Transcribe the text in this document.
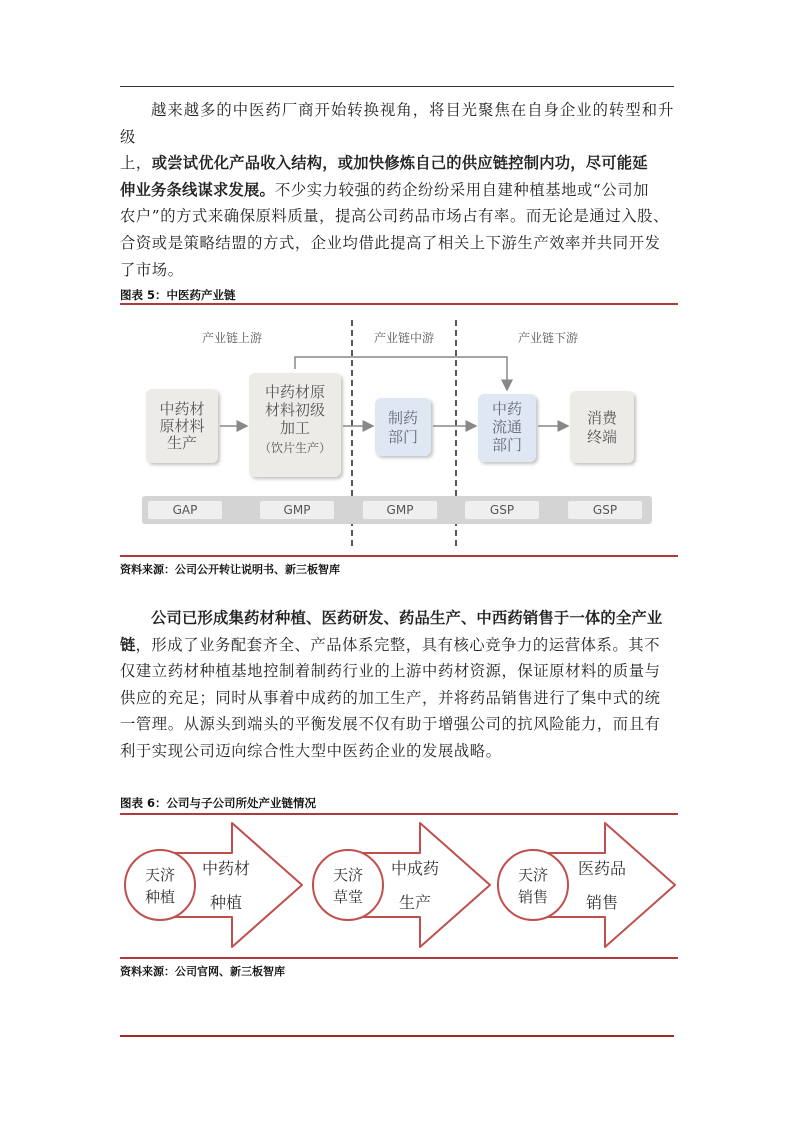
越来越多的中医药厂商开始转换视角，将目光聚焦在自身企业的转型和升级
上，或尝试优化产品收入结构，或加快修炼自己的供应链控制内功，尽可能延
伸业务条线谋求发展。不少实力较强的药企纷纷采用自建种植基地或“公司加
农户”的方式来确保原料质量，提高公司药品市场占有率。而无论是通过入股、
合资或是策略结盟的方式，企业均借此提高了相关上下游生产效率并共同开发
了市场。
图表 5：中医药产业链
产业链上游	产业链中游	产业链下游
中药材
原材料
生产
中药材原
材料初级
加工
（饮片生产）
制药
部门
中药
流通
部门
消费
终端
GAP	GMP	GMP	GSP	GSP
资料来源：公司公开转让说明书、新三板智库
公司已形成集药材种植、医药研发、药品生产、中西药销售于一体的全产业
链，形成了业务配套齐全、产品体系完整，具有核心竞争力的运营体系。其不
仅建立药材种植基地控制着制药行业的上游中药材资源，保证原材料的质量与
供应的充足；同时从事着中成药的加工生产，并将药品销售进行了集中式的统
一管理。从源头到端头的平衡发展不仅有助于增强公司的抗风险能力，而且有
利于实现公司迈向综合性大型中医药企业的发展战略。
图表 6：公司与子公司所处产业链情况
天济
种植
中药材
种植
天济
草堂
中成药
生产
天济
销售
医药品
销售
资料来源：公司官网、新三板智库
